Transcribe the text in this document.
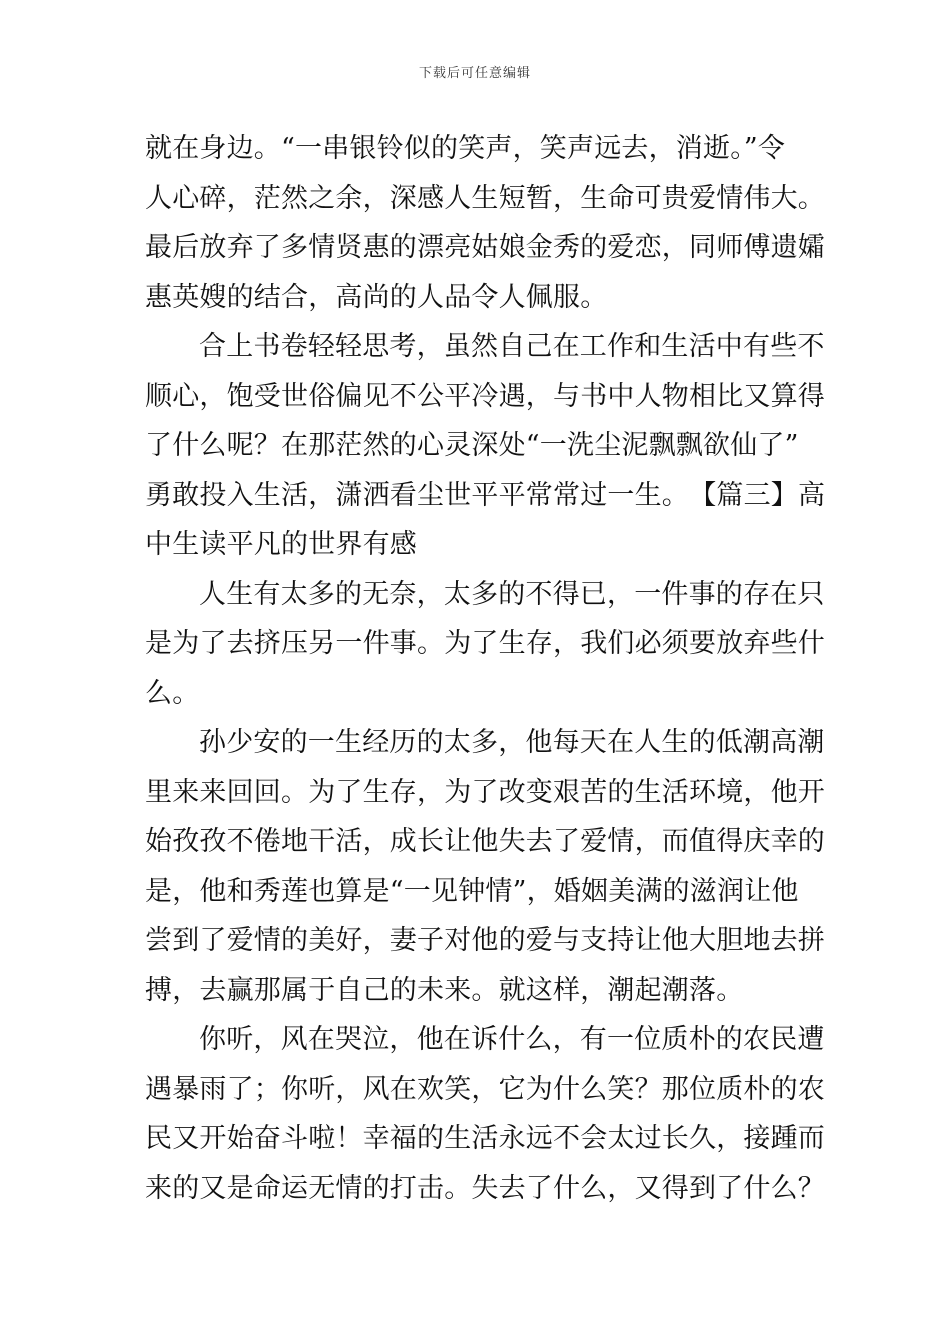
下载后可任意编辑
就在身边。“一串银铃似的笑声，笑声远去，消逝。”令
人心碎，茫然之余，深感人生短暂，生命可贵爱情伟大。
最后放弃了多情贤惠的漂亮姑娘金秀的爱恋，同师傅遗孀
惠英嫂的结合，高尚的人品令人佩服。
合上书卷轻轻思考，虽然自己在工作和生活中有些不
顺心，饱受世俗偏见不公平冷遇，与书中人物相比又算得
了什么呢？在那茫然的心灵深处“一洗尘泥飘飘欲仙了”
勇敢投入生活，潇洒看尘世平平常常过一生。　【篇三】高
中生读平凡的世界有感
人生有太多的无奈，太多的不得已，一件事的存在只
是为了去挤压另一件事。为了生存，我们必须要放弃些什
么。
孙少安的一生经历的太多，他每天在人生的低潮高潮
里来来回回。为了生存，为了改变艰苦的生活环境，他开
始孜孜不倦地干活，成长让他失去了爱情，而值得庆幸的
是，他和秀莲也算是“一见钟情”，婚姻美满的滋润让他
尝到了爱情的美好，妻子对他的爱与支持让他大胆地去拼
搏，去赢那属于自己的未来。就这样，潮起潮落。
你听，风在哭泣，他在诉什么，有一位质朴的农民遭
遇暴雨了；你听，风在欢笑，它为什么笑？那位质朴的农
民又开始奋斗啦！幸福的生活永远不会太过长久，接踵而
来的又是命运无情的打击。失去了什么，又得到了什么？
